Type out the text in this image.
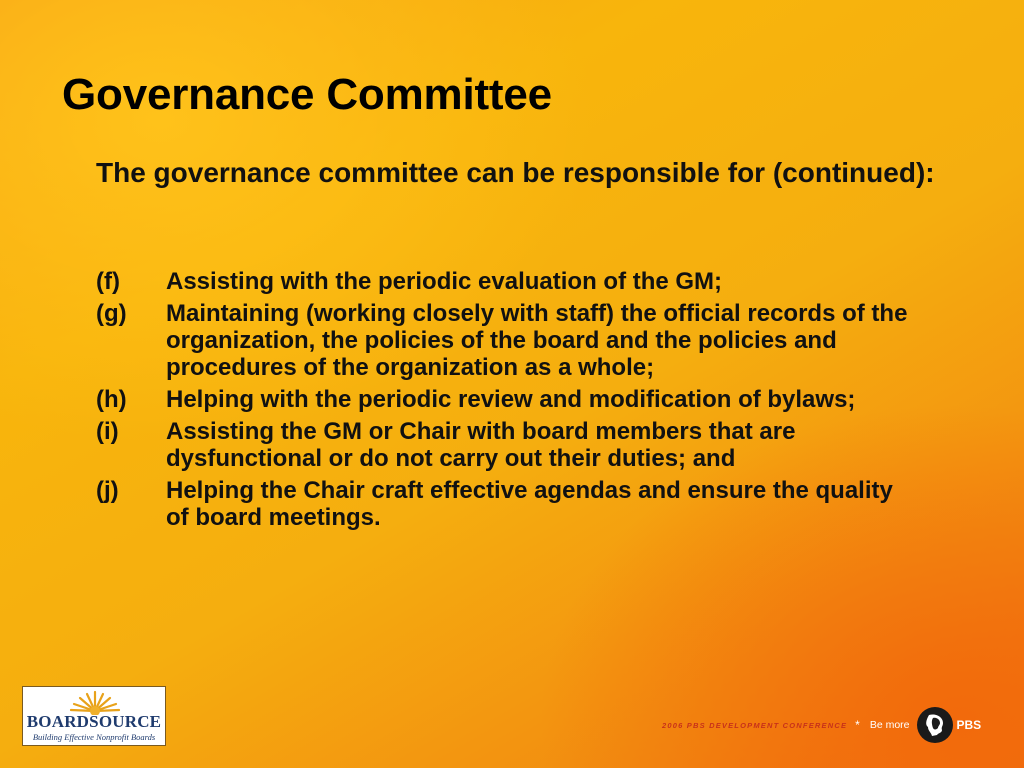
Governance Committee
The governance committee can be responsible for (continued):
(f) Assisting with the periodic evaluation of the GM;
(g) Maintaining (working closely with staff) the official records of the organization, the policies of the board and the policies and procedures of the organization as a whole;
(h) Helping with the periodic review and modification of bylaws;
(i) Assisting the GM or Chair with board members that are dysfunctional or do not carry out their duties; and
(j) Helping the Chair craft effective agendas and ensure the quality of board meetings.
BOARDSOURCE
Building Effective Nonprofit Boards
2006 PBS DEVELOPMENT CONFERENCE * Be more	PBS
